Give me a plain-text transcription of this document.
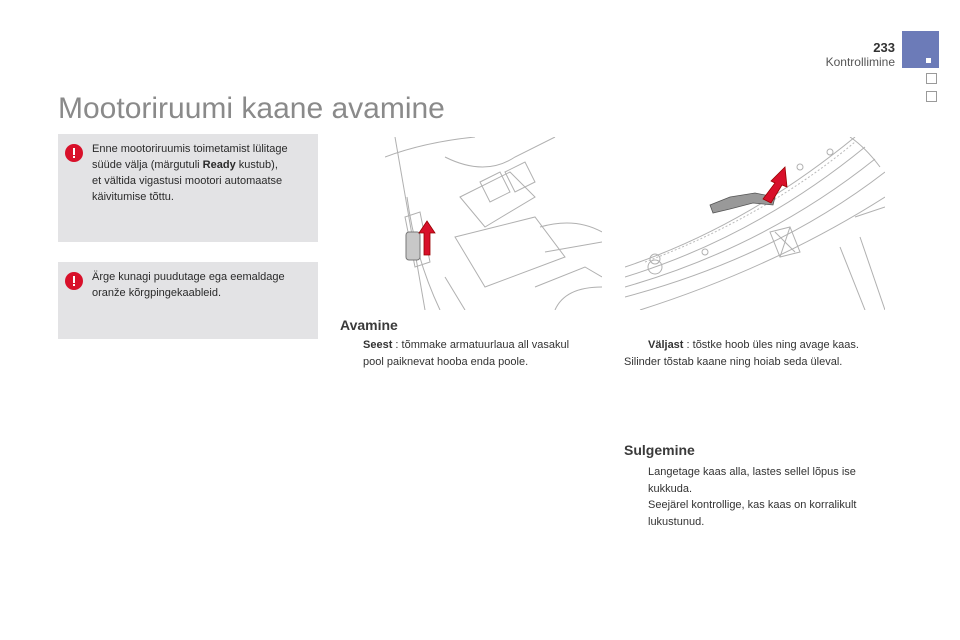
233
Kontrollimine
Mootoriruumi kaane avamine
Enne mootoriruumis toimetamist lülitage
süüde välja (märgutuli Ready kustub),
et vältida vigastusi mootori automaatse
käivitumise tõttu.
Ärge kunagi puudutage ega eemaldage
oranže kõrgpingekaableid.
Avamine
Seest : tõmmake armatuurlaua all vasakul
pool paiknevat hooba enda poole.
Väljast : tõstke hoob üles ning avage kaas.
Silinder tõstab kaane ning hoiab seda üleval.
Sulgemine
Langetage kaas alla, lastes sellel lõpus ise
kukkuda.
Seejärel kontrollige, kas kaas on korralikult
lukustunud.
